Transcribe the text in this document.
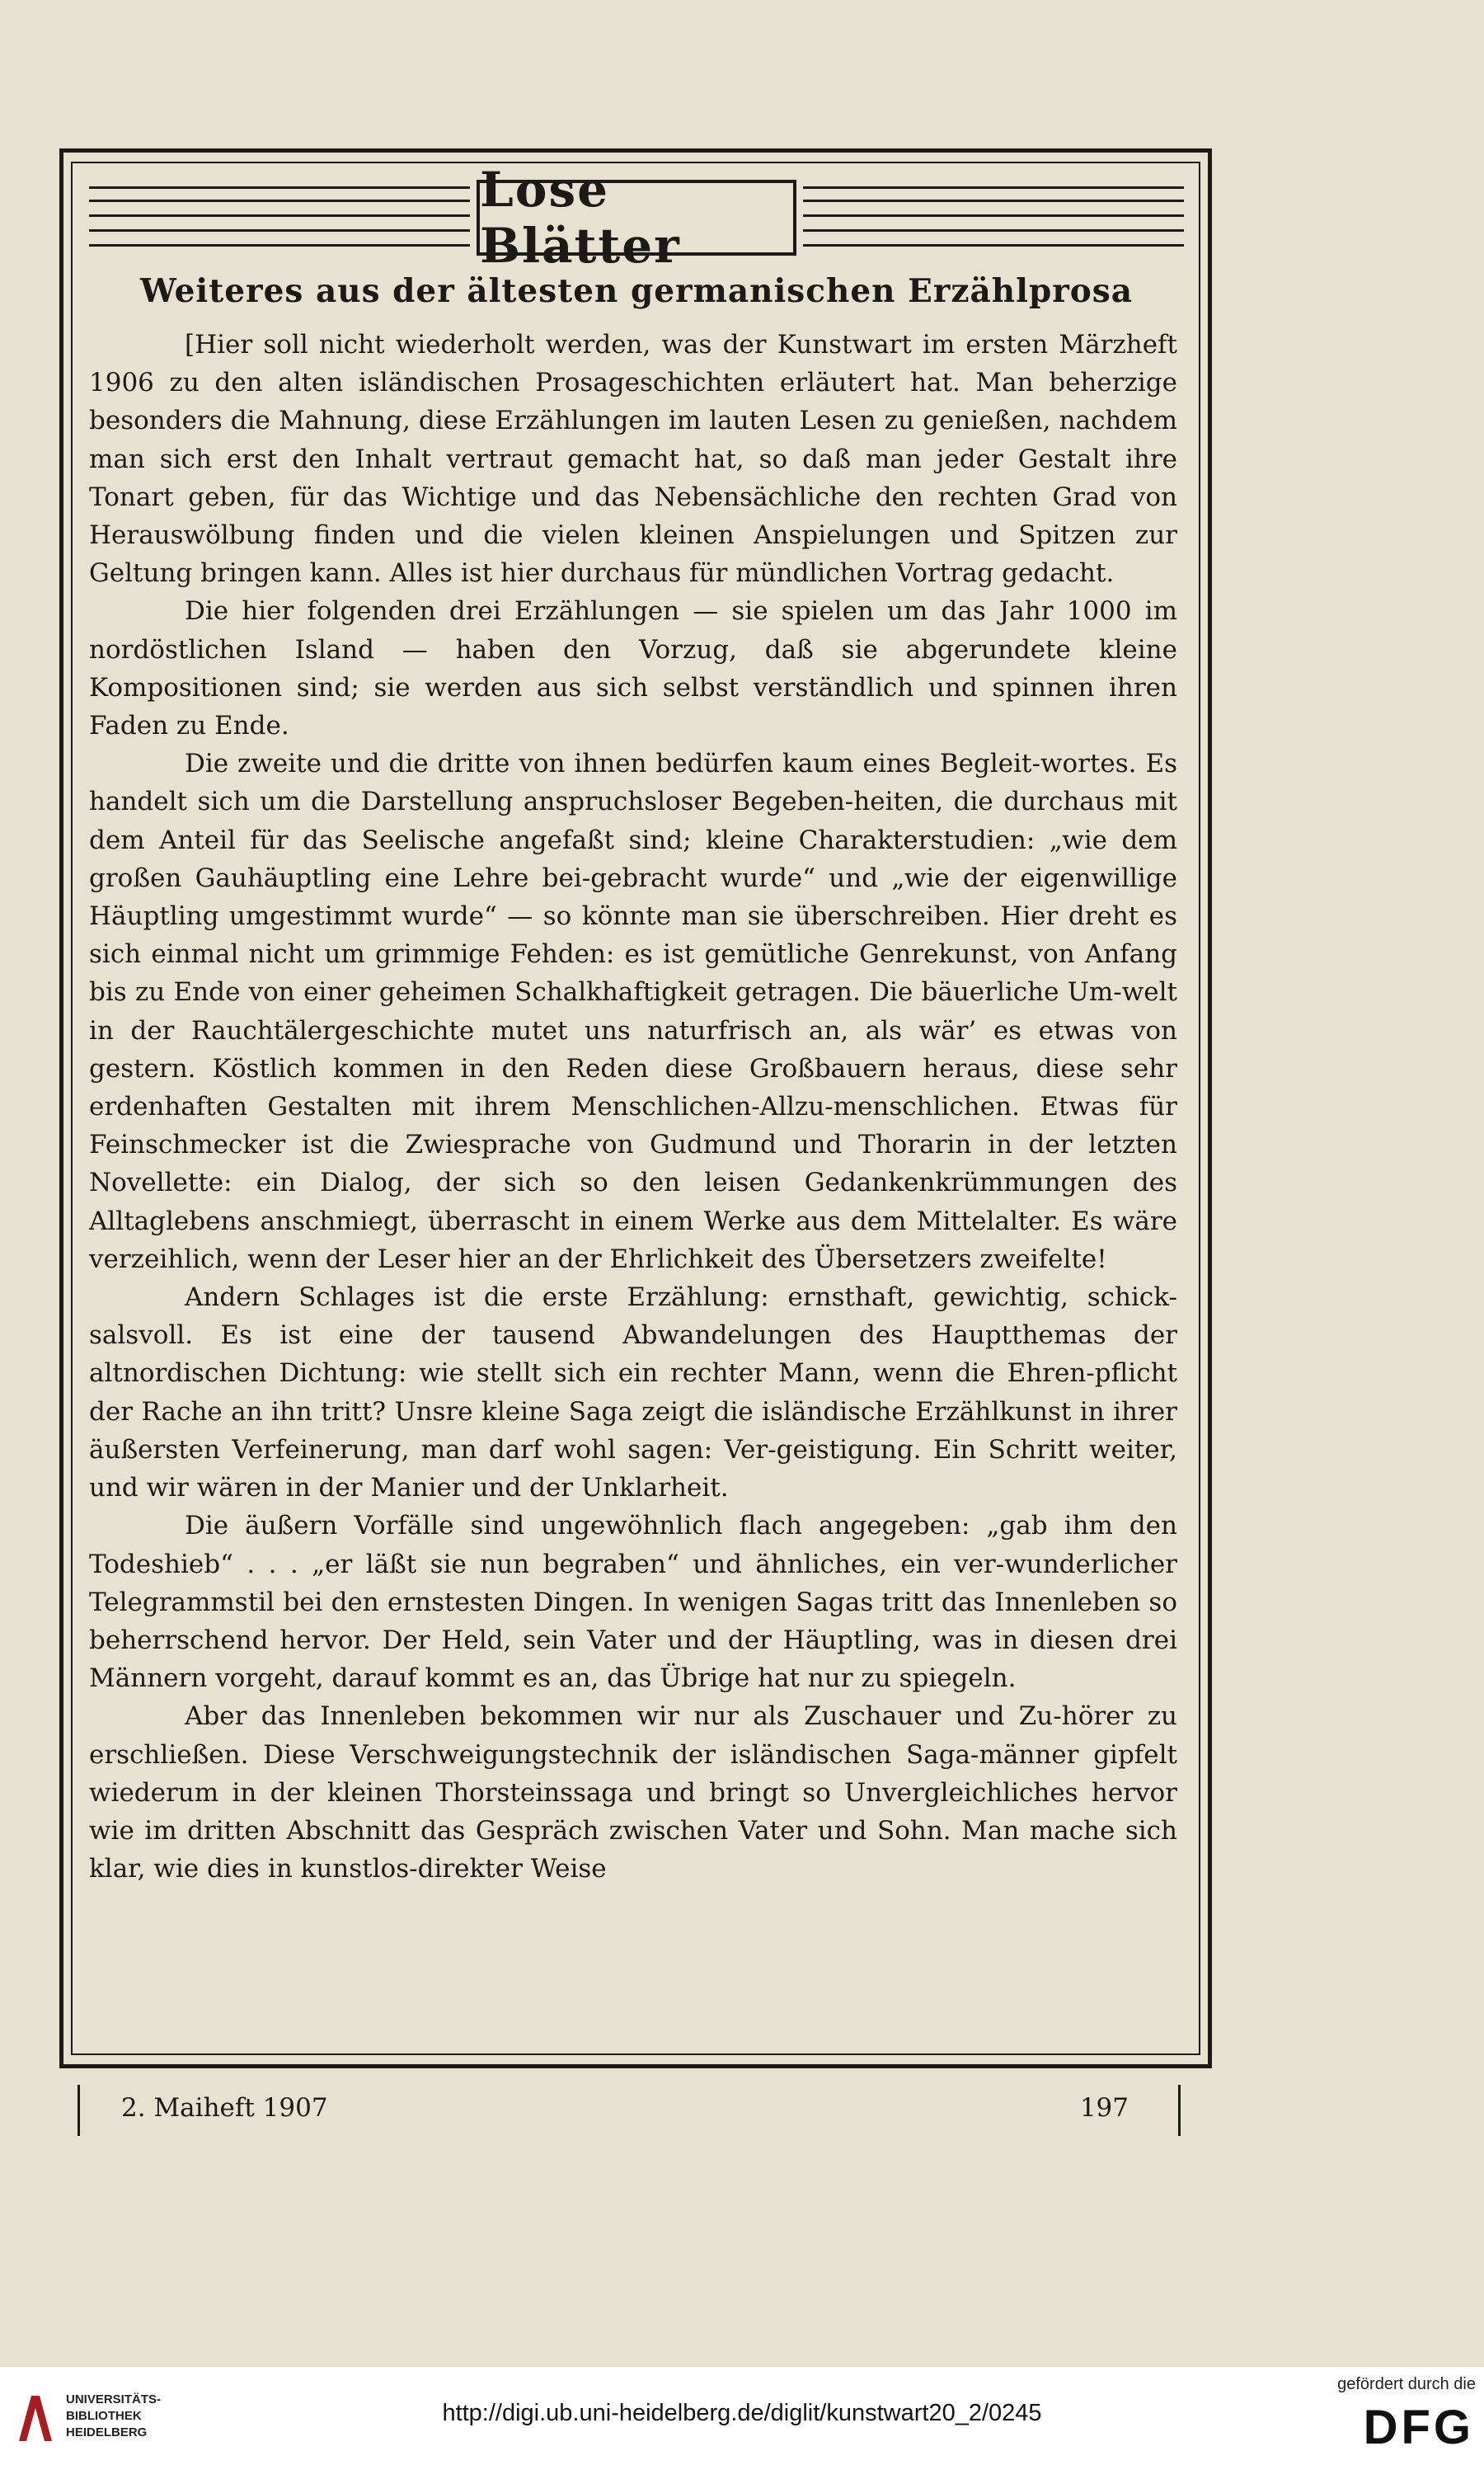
Lose Blätter
Weiteres aus der ältesten germanischen Erzählprosa

[Hier soll nicht wiederholt werden, was der Kunstwart im ersten Märzheft 1906 zu den alten isländischen Prosageschichten erläutert hat. Man beherzige besonders die Mahnung, diese Erzählungen im lauten Lesen zu genießen, nachdem man sich erst den Inhalt vertraut gemacht hat, so daß man jeder Gestalt ihre Tonart geben, für das Wichtige und das Nebensächliche den rechten Grad von Herauswölbung finden und die vielen kleinen Anspielungen und Spitzen zur Geltung bringen kann. Alles ist hier durchaus für mündlichen Vortrag gedacht.

Die hier folgenden drei Erzählungen — sie spielen um das Jahr 1000 im nordöstlichen Island — haben den Vorzug, daß sie abgerundete kleine Kompositionen sind; sie werden aus sich selbst verständlich und spinnen ihren Faden zu Ende.

Die zweite und die dritte von ihnen bedürfen kaum eines Begleit-wortes. Es handelt sich um die Darstellung anspruchsloser Begeben-heiten, die durchaus mit dem Anteil für das Seelische angefaßt sind; kleine Charakterstudien: „wie dem großen Gauhäuptling eine Lehre bei-gebracht wurde“ und „wie der eigenwillige Häuptling umgestimmt wurde“ — so könnte man sie überschreiben. Hier dreht es sich einmal nicht um grimmige Fehden: es ist gemütliche Genrekunst, von Anfang bis zu Ende von einer geheimen Schalkhaftigkeit getragen. Die bäuerliche Um-welt in der Rauchtälergeschichte mutet uns naturfrisch an, als wär’ es etwas von gestern. Köstlich kommen in den Reden diese Großbauern heraus, diese sehr erdenhaften Gestalten mit ihrem Menschlichen-Allzu-menschlichen. Etwas für Feinschmecker ist die Zwiesprache von Gudmund und Thorarin in der letzten Novellette: ein Dialog, der sich so den leisen Gedankenkrümmungen des Alltaglebens anschmiegt, überrascht in einem Werke aus dem Mittelalter. Es wäre verzeihlich, wenn der Leser hier an der Ehrlichkeit des Übersetzers zweifelte!

Andern Schlages ist die erste Erzählung: ernsthaft, gewichtig, schick-salsvoll. Es ist eine der tausend Abwandelungen des Hauptthemas der altnordischen Dichtung: wie stellt sich ein rechter Mann, wenn die Ehren-pflicht der Rache an ihn tritt? Unsre kleine Saga zeigt die isländische Erzählkunst in ihrer äußersten Verfeinerung, man darf wohl sagen: Ver-geistigung. Ein Schritt weiter, und wir wären in der Manier und der Unklarheit.

Die äußern Vorfälle sind ungewöhnlich flach angegeben: „gab ihm den Todeshieb“ . . . „er läßt sie nun begraben“ und ähnliches, ein ver-wunderlicher Telegrammstil bei den ernstesten Dingen. In wenigen Sagas tritt das Innenleben so beherrschend hervor. Der Held, sein Vater und der Häuptling, was in diesen drei Männern vorgeht, darauf kommt es an, das Übrige hat nur zu spiegeln.

Aber das Innenleben bekommen wir nur als Zuschauer und Zu-hörer zu erschließen. Diese Verschweigungstechnik der isländischen Saga-männer gipfelt wiederum in der kleinen Thorsteinssaga und bringt so Unvergleichliches hervor wie im dritten Abschnitt das Gespräch zwischen Vater und Sohn. Man mache sich klar, wie dies in kunstlos-direkter Weise

2. Maiheft 1907	197
UNIVERSITÄTS-
BIBLIOTHEK
HEIDELBERG
http://digi.ub.uni-heidelberg.de/diglit/kunstwart20_2/0245
gefördert durch die
DFG
